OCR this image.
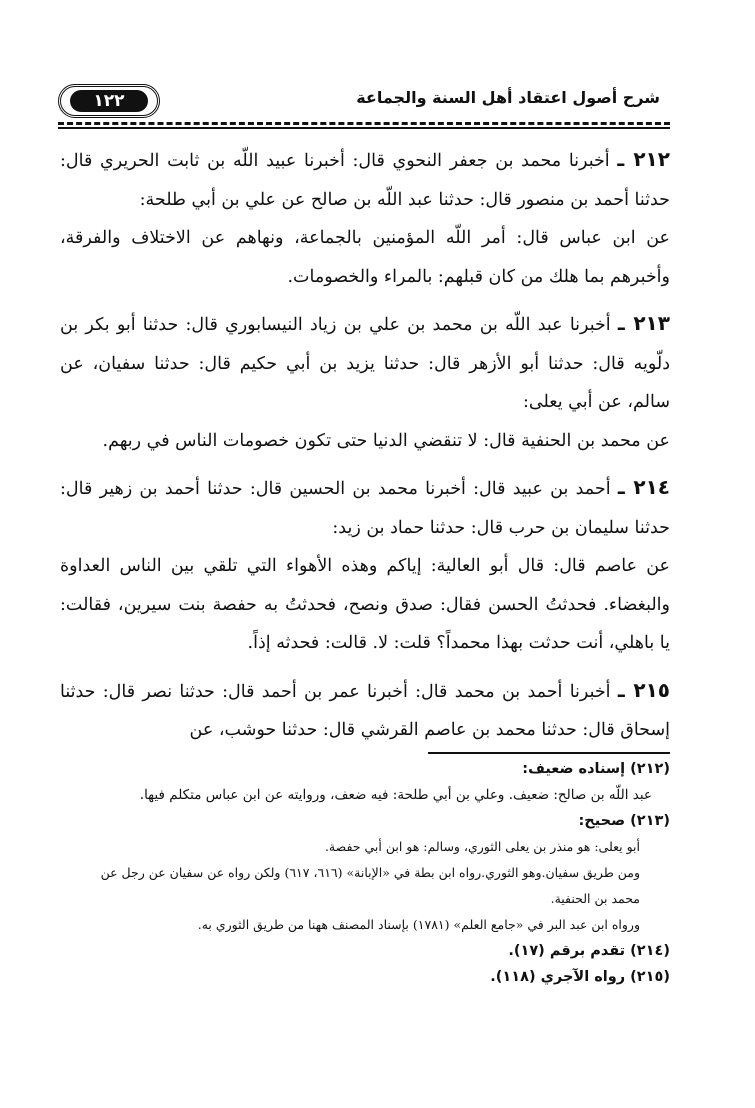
١٢٢	شرح أصول اعتقاد أهل السنة والجماعة

٢١٢ ـ أخبرنا محمد بن جعفر النحوي قال: أخبرنا عبيد اللّه بن ثابت الحريري قال: حدثنا أحمد بن منصور قال: حدثنا عبد اللّه بن صالح عن علي بن أبي طلحة:

عن ابن عباس قال: أمر اللّه المؤمنين بالجماعة، ونهاهم عن الاختلاف والفرقة، وأخبرهم بما هلك من كان قبلهم: بالمراء والخصومات.

٢١٣ ـ أخبرنا عبد اللّه بن محمد بن علي بن زياد النيسابوري قال: حدثنا أبو بكر بن دلّويه قال: حدثنا أبو الأزهر قال: حدثنا يزيد بن أبي حكيم قال: حدثنا سفيان، عن سالم، عن أبي يعلى:

عن محمد بن الحنفية قال: لا تنقضي الدنيا حتى تكون خصومات الناس في ربهم.

٢١٤ ـ أحمد بن عبيد قال: أخبرنا محمد بن الحسين قال: حدثنا أحمد بن زهير قال: حدثنا سليمان بن حرب قال: حدثنا حماد بن زيد:

عن عاصم قال: قال أبو العالية: إياكم وهذه الأهواء التي تلقي بين الناس العداوة والبغضاء. فحدثتُ الحسن فقال: صدق ونصح، فحدثتُ به حفصة بنت سيرين، فقالت: يا باهلي، أنت حدثت بهذا محمداً؟ قلت: لا. قالت: فحدثه إذاً.

٢١٥ ـ أخبرنا أحمد بن محمد قال: أخبرنا عمر بن أحمد قال: حدثنا نصر قال: حدثنا إسحاق قال: حدثنا محمد بن عاصم القرشي قال: حدثنا حوشب، عن

(٢١٢) إسناده ضعيف:

عبد اللّه بن صالح: ضعيف. وعلي بن أبي طلحة: فيه ضعف، وروايته عن ابن عباس متكلم فيها.

(٢١٣) صحيح:

أبو يعلى: هو منذر بن يعلى الثوري، وسالم: هو ابن أبي حفصة.

ومن طريق سفيان.وهو الثوري.رواه ابن بطة في «الإبانة» (٦١٦، ٦١٧) ولكن رواه عن سفيان عن رجل عن محمد بن الحنفية.

ورواه ابن عبد البر في «جامع العلم» (١٧٨١) بإسناد المصنف ههنا من طريق الثوري به.

(٢١٤) تقدم برقم (١٧).

(٢١٥) رواه الآجري (١١٨).
